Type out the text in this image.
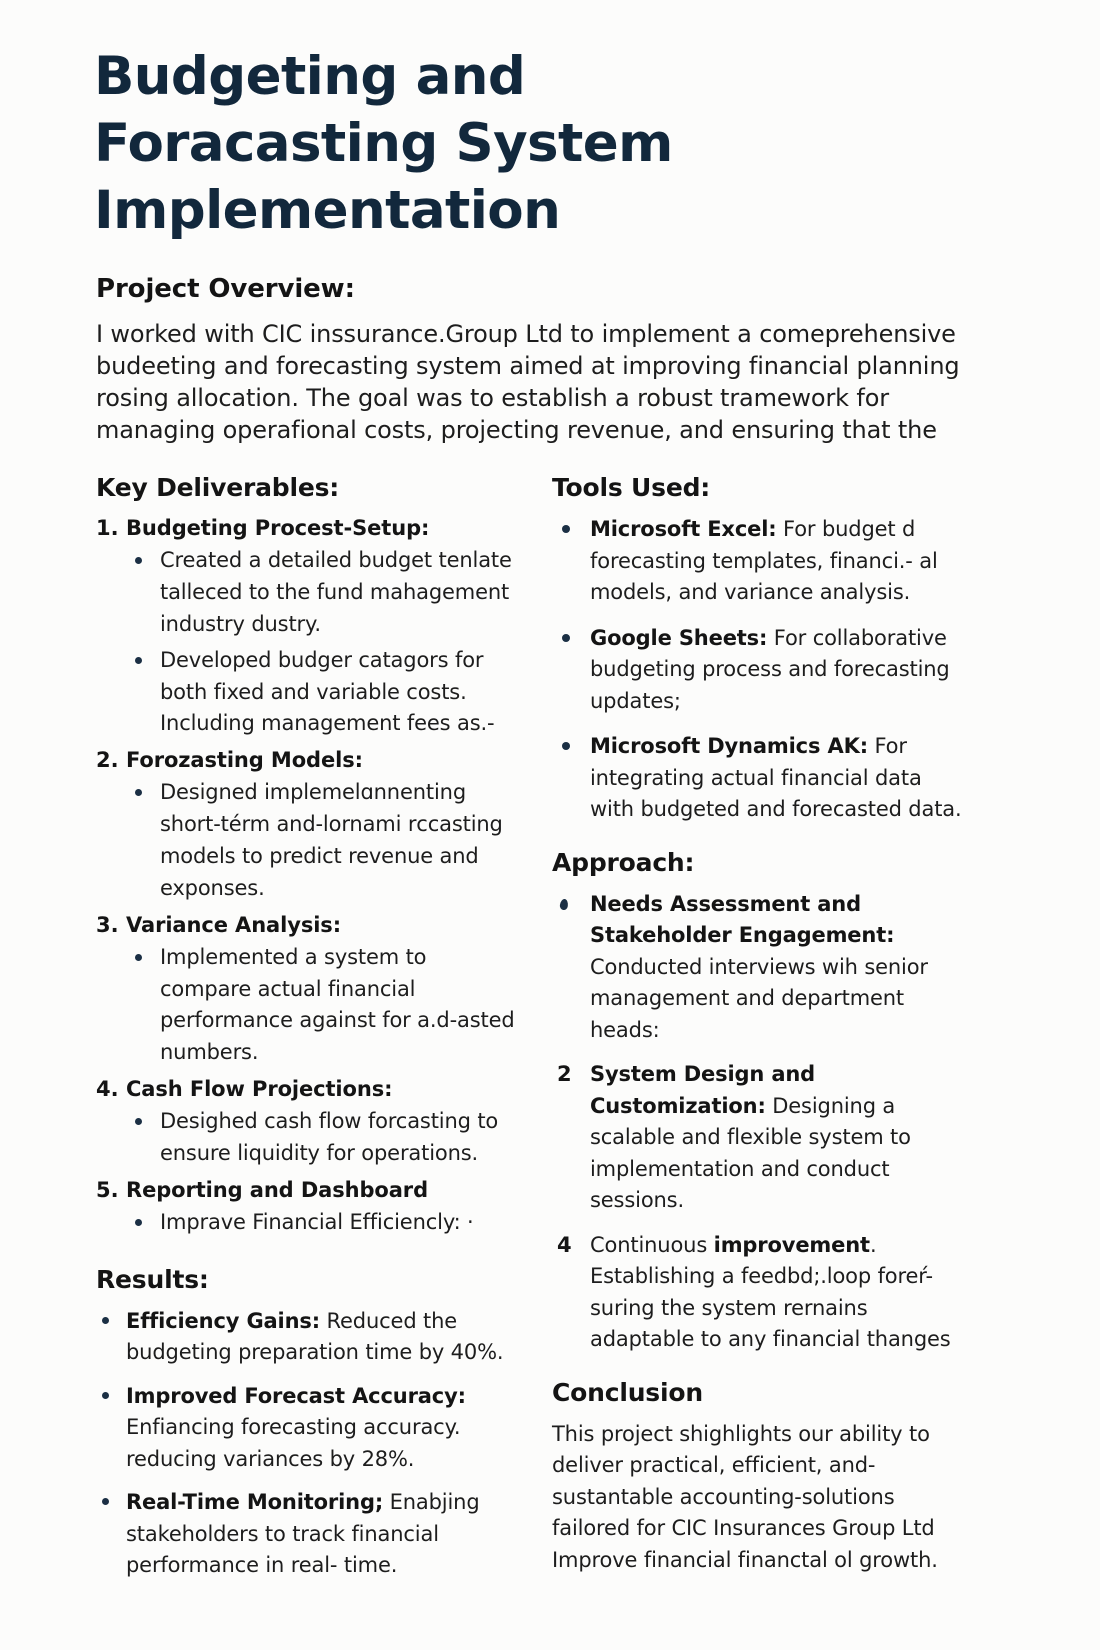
Budgeting and Foracasting System Implementation
Project Overview:

I worked with CIC inssurance.Group Ltd to implement a comeprehensive budeeting and forecasting system aimed at improving financial planning rosing allocation. The goal was to establish a robust tramework for managing operafional costs, projecting revenue, and ensuring that the

Key Deliverables:
1. Budgeting Procest-Setup:
Created a detailed budget tenlate talleced to the fund mahagement industry dustry.
Developed budger catagors for both fixed and variable costs. Including management fees as.-
2. Forozasting Models:
Designed implemelɑnnenting short-térm and-lornami rᴄcasting models to predict revenue and exponses.
3. Variance Analysis:
Implemented a system to compare actual financial performance against for a.d-asted numbers.
4. Cash Flow Projections:
Desighed cash flow forcasting to ensure liquidity for operations.
5. Reporting and Dashboard
Imprave Financial Efficiencly: ·
Results:
Efficiency Gains: Reduced the budgeting preparation time by 40%.
Improved Forecast Accuracy: Enfiancing forecasting accuracy. reducing variances by 28%.
Real-Time Monitoring; Enabjing stakeholders to track financial performance in real- time.
Tools Used:
Microsoft Excel: For budget d forecasting templates, financi.- al models, and variance analysis.
Google Sheets: For collaborative budgeting process and forecasting updates;
Microsoft Dynamics AK: For integrating actual financial data with budgeted and forecasted data.
Approach:
Needs Assessment and Stakeholder Engagement: Conducted interviews wih senior management and department heads:
2 System Design and Customization: Designing a scalable and flexible system to implementation and conduct sessions.
4 Continuous improvement. Establishing a feedbd;.loop foreŕ-suring the system rernains adaptable to any financial thanges
Conclusion

This project shighlights our ability to deliver practical, efficient, and-sustantable accounting-solutions failored for CIC Insurances Group Ltd Improve financial financtal ol growth.
